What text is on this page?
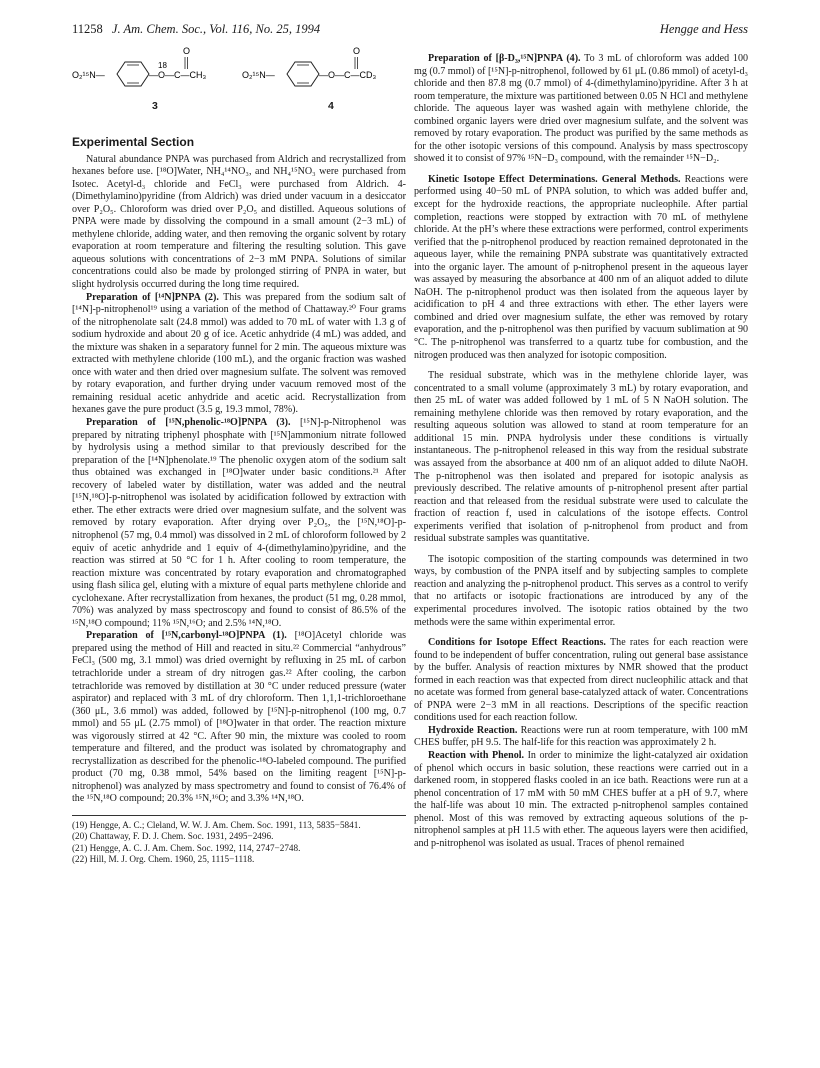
11258 J. Am. Chem. Soc., Vol. 116, No. 25, 1994	Hengge and Hess
O₂¹⁵N—
18
—O—C—CH₃
O
3
O₂¹⁵N—	—O—C—CD₃
O
4
Experimental Section

Natural abundance PNPA was purchased from Aldrich and recrystallized from hexanes before use. [¹⁸O]Water, NH₄¹⁴NO₃, and NH₄¹⁵NO₃ were purchased from Isotec. Acetyl-d₃ chloride and FeCl₃ were purchased from Aldrich. 4-(Dimethylamino)pyridine (from Aldrich) was dried under vacuum in a desiccator over P₂O₅. Chloroform was dried over P₂O₅ and distilled. Aqueous solutions of PNPA were made by dissolving the compound in a small amount (2−3 mL) of methylene chloride, adding water, and then removing the organic solvent by rotary evaporation at room temperature and filtering the resulting solution. This gave aqueous solutions with concentrations of 2−3 mM PNPA. Solutions of similar concentrations could also be made by prolonged stirring of PNPA in water, but slight hydrolysis occurred during the long time required.

Preparation of [¹⁴N]PNPA (2). This was prepared from the sodium salt of [¹⁴N]-p-nitrophenol¹⁹ using a variation of the method of Chattaway.²⁰ Four grams of the nitrophenolate salt (24.8 mmol) was added to 70 mL of water with 1.3 g of sodium hydroxide and about 20 g of ice. Acetic anhydride (4 mL) was added, and the mixture was shaken in a separatory funnel for 2 min. The aqueous mixture was extracted with methylene chloride (100 mL), and the organic fraction was washed once with water and then dried over magnesium sulfate. The solvent was removed by rotary evaporation, and further drying under vacuum removed most of the remaining residual acetic anhydride and acetic acid. Recrystallization from hexanes gave the pure product (3.5 g, 19.3 mmol, 78%).

Preparation of [¹⁵N,phenolic-¹⁸O]PNPA (3). [¹⁵N]-p-Nitrophenol was prepared by nitrating triphenyl phosphate with [¹⁵N]ammonium nitrate followed by hydrolysis using a method similar to that previously described for the preparation of the [¹⁴N]phenolate.¹⁹ The phenolic oxygen atom of the sodium salt thus obtained was exchanged in [¹⁸O]water under basic conditions.²¹ After recovery of labeled water by distillation, water was added and the neutral [¹⁵N,¹⁸O]-p-nitrophenol was isolated by acidification followed by extraction with ether. The ether extracts were dried over magnesium sulfate, and the solvent was removed by rotary evaporation. After drying over P₂O₅, the [¹⁵N,¹⁸O]-p-nitrophenol (57 mg, 0.4 mmol) was dissolved in 2 mL of chloroform followed by 2 equiv of acetic anhydride and 1 equiv of 4-(dimethylamino)pyridine, and the reaction was stirred at 50 °C for 1 h. After cooling to room temperature, the reaction mixture was concentrated by rotary evaporation and chromatographed using flash silica gel, eluting with a mixture of equal parts methylene chloride and cyclohexane. After recrystallization from hexanes, the product (51 mg, 0.28 mmol, 70%) was analyzed by mass spectroscopy and found to consist of 86.5% of the ¹⁵N,¹⁸O compound; 11% ¹⁵N,¹⁶O; and 2.5% ¹⁴N,¹⁸O.

Preparation of [¹⁵N,carbonyl-¹⁸O]PNPA (1). [¹⁸O]Acetyl chloride was prepared using the method of Hill and reacted in situ.²² Commercial “anhydrous” FeCl₃ (500 mg, 3.1 mmol) was dried overnight by refluxing in 25 mL of carbon tetrachloride under a stream of dry nitrogen gas.²² After cooling, the carbon tetrachloride was removed by distillation at 30 °C under reduced pressure (water aspirator) and replaced with 3 mL of dry chloroform. Then 1,1,1-trichloroethane (360 μL, 3.6 mmol) was added, followed by [¹⁵N]-p-nitrophenol (100 mg, 0.7 mmol) and 55 μL (2.75 mmol) of [¹⁸O]water in that order. The reaction mixture was vigorously stirred at 42 °C. After 90 min, the mixture was cooled to room temperature and filtered, and the product was isolated by chromatography and recrystallization as described for the phenolic-¹⁸O-labeled compound. The purified product (70 mg, 0.38 mmol, 54% based on the limiting reagent [¹⁵N]-p-nitrophenol) was analyzed by mass spectrometry and found to consist of 76.4% of the ¹⁵N,¹⁸O compound; 20.3% ¹⁵N,¹⁶O; and 3.3% ¹⁴N,¹⁸O.

(19) Hengge, A. C.; Cleland, W. W. J. Am. Chem. Soc. 1991, 113, 5835−5841.
(20) Chattaway, F. D. J. Chem. Soc. 1931, 2495−2496.
(21) Hengge, A. C. J. Am. Chem. Soc. 1992, 114, 2747−2748.
(22) Hill, M. J. Org. Chem. 1960, 25, 1115−1118.

Preparation of [β-D₃,¹⁵N]PNPA (4). To 3 mL of chloroform was added 100 mg (0.7 mmol) of [¹⁵N]-p-nitrophenol, followed by 61 μL (0.86 mmol) of acetyl-d₃ chloride and then 87.8 mg (0.7 mmol) of 4-(dimethylamino)pyridine. After 3 h at room temperature, the mixture was partitioned between 0.05 N HCl and methylene chloride. The aqueous layer was washed again with methylene chloride, the combined organic layers were dried over magnesium sulfate, and the solvent was removed by rotary evaporation. The product was purified by the same methods as for the other isotopic versions of this compound. Analysis by mass spectroscopy showed it to consist of 97% ¹⁵N−D₃ compound, with the remainder ¹⁵N−D₂.

Kinetic Isotope Effect Determinations. General Methods. Reactions were performed using 40−50 mL of PNPA solution, to which was added buffer and, except for the hydroxide reactions, the appropriate nucleophile. After partial completion, reactions were stopped by extraction with 70 mL of methylene chloride. At the pH’s where these extractions were performed, control experiments verified that the p-nitrophenol produced by reaction remained deprotonated in the aqueous layer, while the remaining PNPA substrate was quantitatively extracted into the organic layer. The amount of p-nitrophenol present in the aqueous layer was assayed by measuring the absorbance at 400 nm of an aliquot added to dilute NaOH. The p-nitrophenol product was then isolated from the aqueous layer by acidification to pH 4 and three extractions with ether. The ether layers were combined and dried over magnesium sulfate, the ether was removed by rotary evaporation, and the p-nitrophenol was then purified by vacuum sublimation at 90 °C. The p-nitrophenol was transferred to a quartz tube for combustion, and the nitrogen produced was then analyzed for isotopic composition.

The residual substrate, which was in the methylene chloride layer, was concentrated to a small volume (approximately 3 mL) by rotary evaporation, and then 25 mL of water was added followed by 1 mL of 5 N NaOH solution. The remaining methylene chloride was then removed by rotary evaporation, and the resulting aqueous solution was allowed to stand at room temperature for an additional 15 min. PNPA hydrolysis under these conditions is virtually instantaneous. The p-nitrophenol released in this way from the residual substrate was assayed from the absorbance at 400 nm of an aliquot added to dilute NaOH. The p-nitrophenol was then isolated and prepared for isotopic analysis as previously described. The relative amounts of p-nitrophenol present after partial reaction and that released from the residual substrate were used to calculate the fraction of reaction f, used in calculations of the isotope effects. Control experiments verified that isolation of p-nitrophenol from product and from residual substrate samples was quantitative.

The isotopic composition of the starting compounds was determined in two ways, by combustion of the PNPA itself and by subjecting samples to complete reaction and analyzing the p-nitrophenol product. This serves as a control to verify that no artifacts or isotopic fractionations are introduced by any of the experimental procedures involved. The isotopic ratios obtained by the two methods were the same within experimental error.

Conditions for Isotope Effect Reactions. The rates for each reaction were found to be independent of buffer concentration, ruling out general base assistance by the buffer. Analysis of reaction mixtures by NMR showed that the product formed in each reaction was that expected from direct nucleophilic attack and that no acetate was formed from general base-catalyzed attack of water. Concentrations of PNPA were 2−3 mM in all reactions. Descriptions of the specific reaction conditions used for each reaction follow.

Hydroxide Reaction. Reactions were run at room temperature, with 100 mM CHES buffer, pH 9.5. The half-life for this reaction was approximately 2 h.

Reaction with Phenol. In order to minimize the light-catalyzed air oxidation of phenol which occurs in basic solution, these reactions were carried out in a darkened room, in stoppered flasks cooled in an ice bath. Reactions were run at a phenol concentration of 17 mM with 50 mM CHES buffer at a pH of 9.7, where the half-life was about 10 min. The extracted p-nitrophenol samples contained phenol. Most of this was removed by extracting aqueous solutions of the p-nitrophenol samples at pH 11.5 with ether. The aqueous layers were then acidified, and p-nitrophenol was isolated as usual. Traces of phenol remained
